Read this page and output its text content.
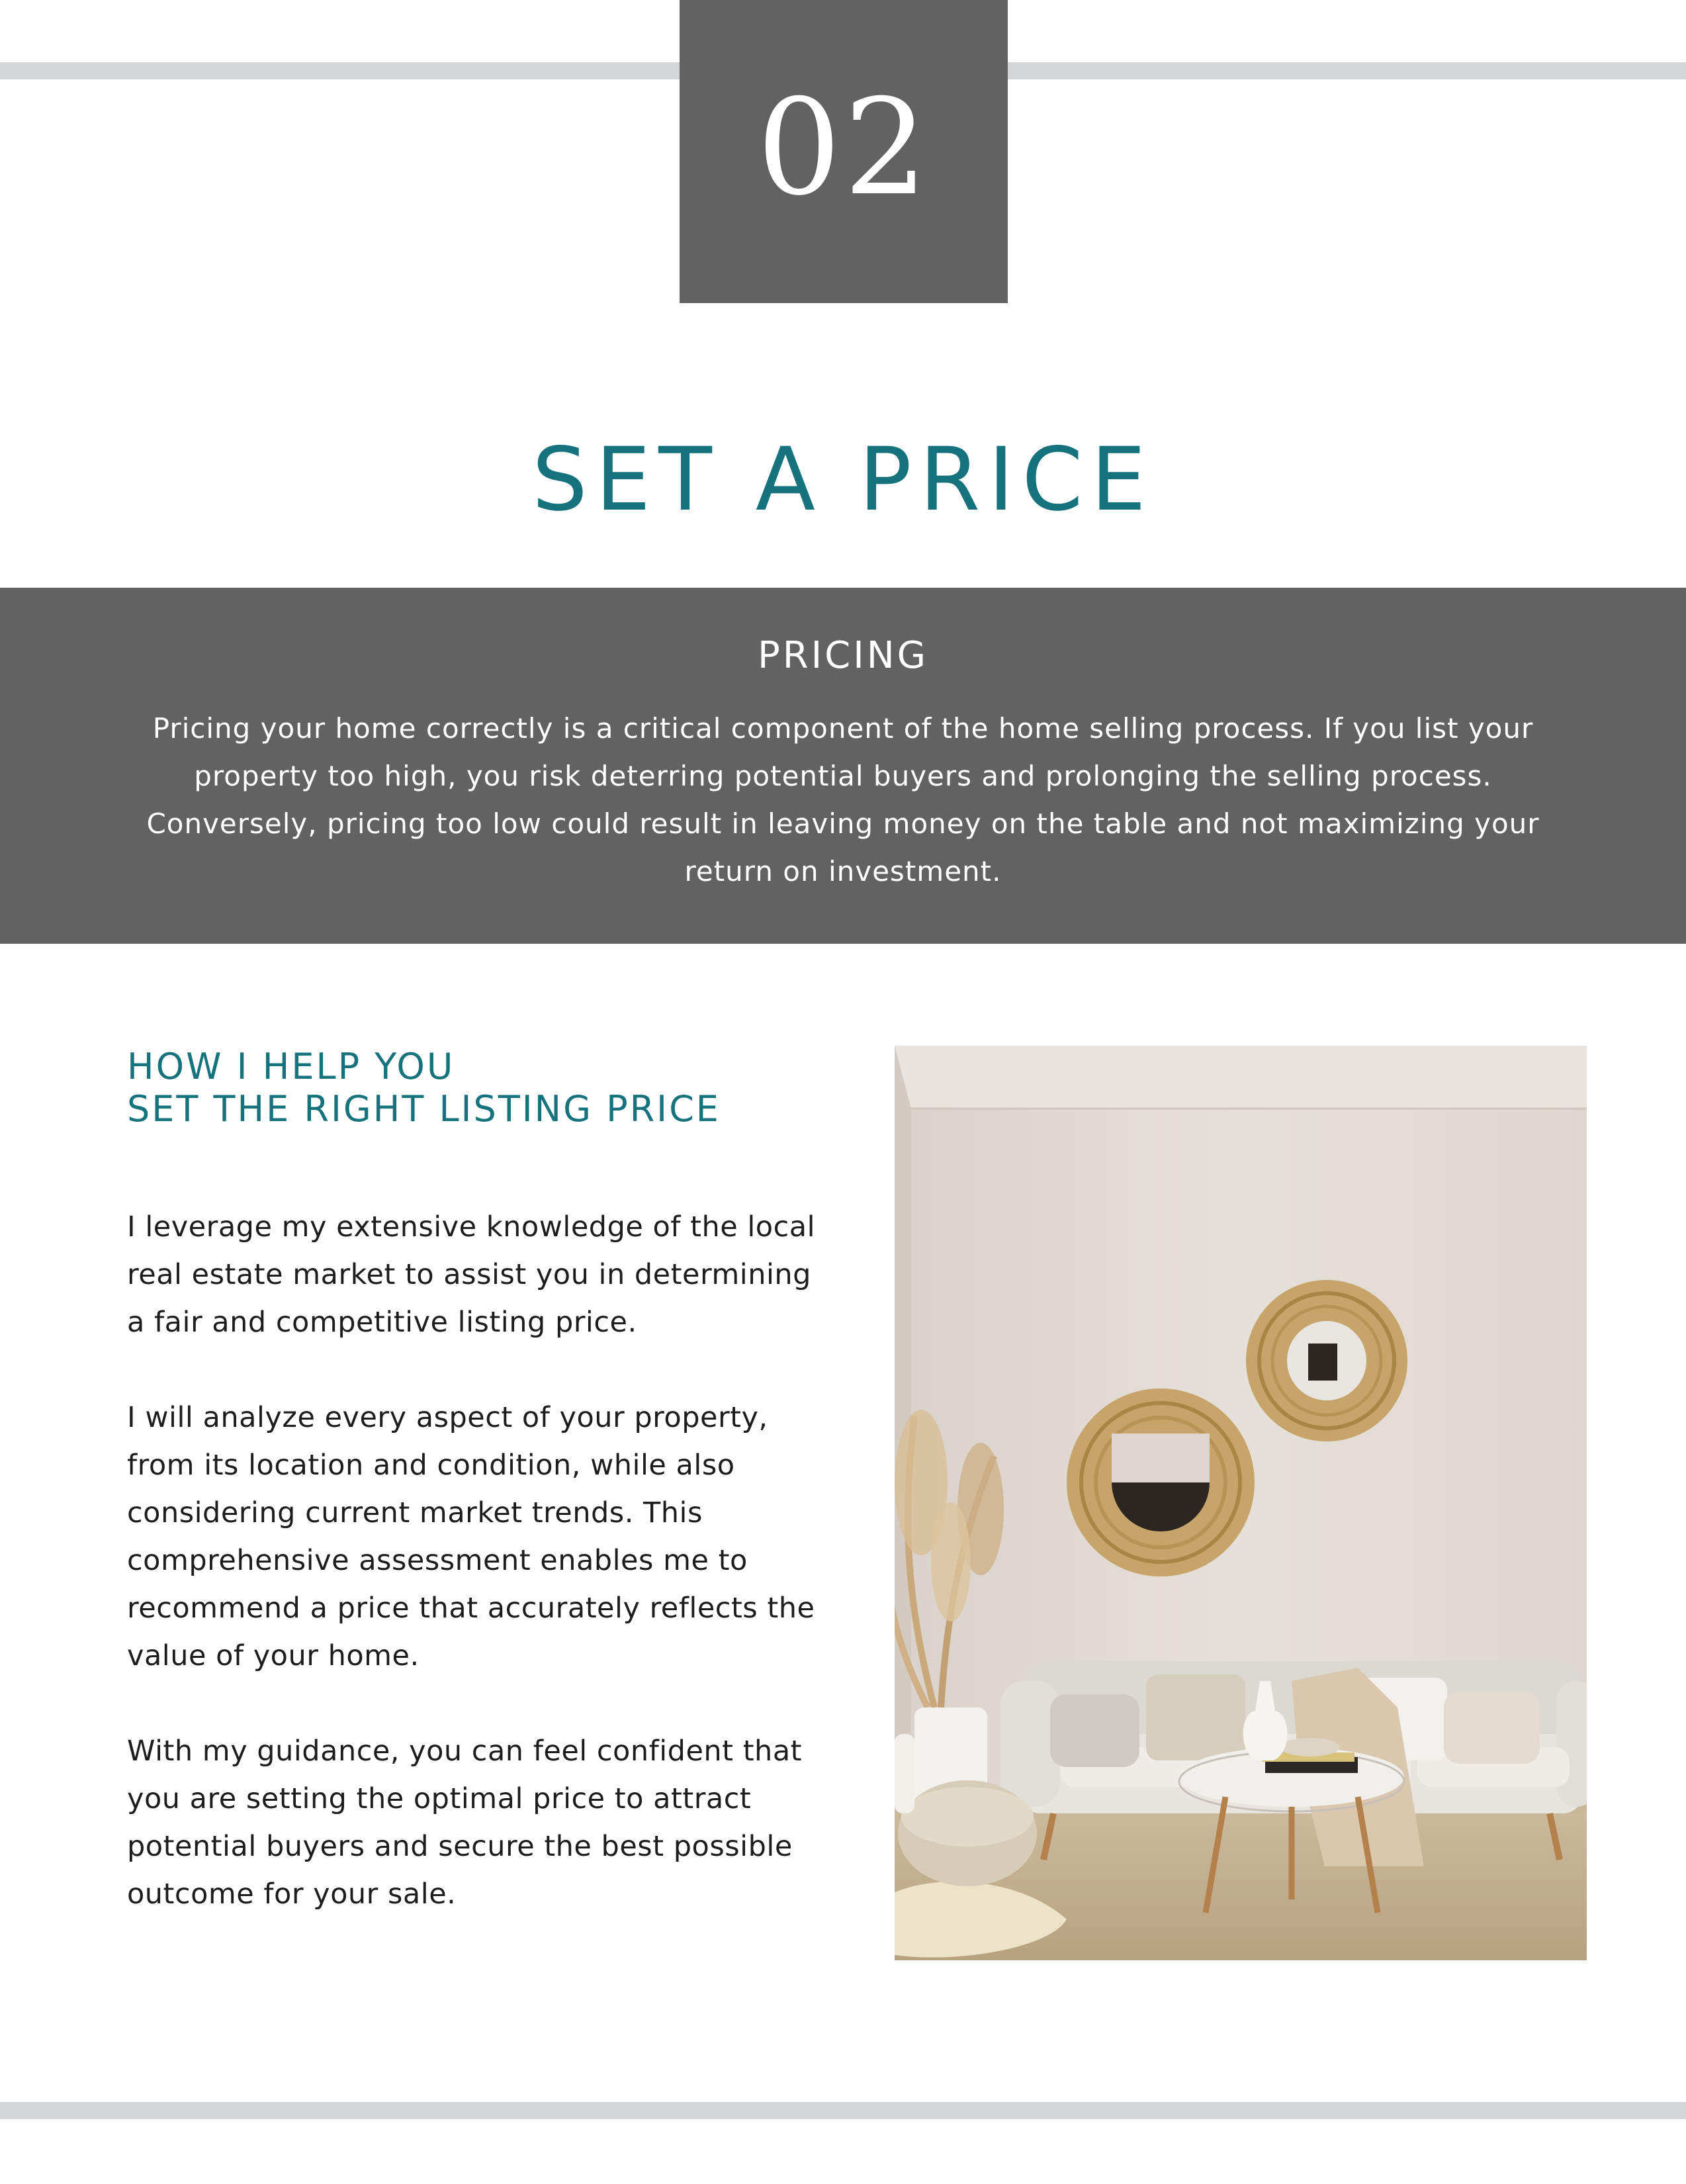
02
SET A PRICE
PRICING

Pricing your home correctly is a critical component of the home selling process. If you list your property too high, you risk deterring potential buyers and prolonging the selling process. Conversely, pricing too low could result in leaving money on the table and not maximizing your return on investment.

HOW I HELP YOU
SET THE RIGHT LISTING PRICE

I leverage my extensive knowledge of the local real estate market to assist you in determining a fair and competitive listing price.

I will analyze every aspect of your property, from its location and condition, while also considering current market trends. This comprehensive assessment enables me to recommend a price that accurately reflects the value of your home.

With my guidance, you can feel confident that you are setting the optimal price to attract potential buyers and secure the best possible outcome for your sale.
